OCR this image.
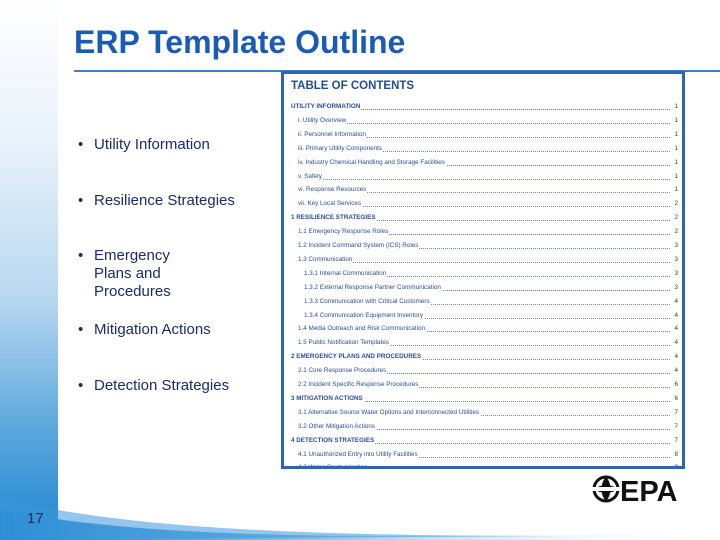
ERP Template Outline
• Utility Information
• Resilience Strategies
• Emergency Plans and
Procedures
• Mitigation Actions
• Detection Strategies
TABLE OF CONTENTS
UTILITY INFORMATION	1
i. Utility Overview	1
ii. Personnel Information	1
iii. Primary Utility Components	1
iv. Industry Chemical Handling and Storage Facilities	1
v. Safety	1
vi. Response Resources	1
vii. Key Local Services	2
1 RESILIENCE STRATEGIES	2
1.1 Emergency Response Roles	2
1.2 Incident Command System (ICS) Roles	3
1.3 Communication	3
1.3.1 Internal Communication	3
1.3.2 External Response Partner Communication	3
1.3.3 Communication with Critical Customers	4
1.3.4 Communication Equipment Inventory	4
1.4 Media Outreach and Risk Communication	4
1.5 Public Notification Templates	4
2 EMERGENCY PLANS AND PROCEDURES	4
2.1 Core Response Procedures	4
2.2 Incident Specific Response Procedures	6
3 MITIGATION ACTIONS	6
3.1 Alternative Source Water Options and Interconnected Utilities	7
3.2 Other Mitigation Actions	7
4 DETECTION STRATEGIES	7
4.1 Unauthorized Entry into Utility Facilities	8
4.2 Water Contamination	9
EPA
17
